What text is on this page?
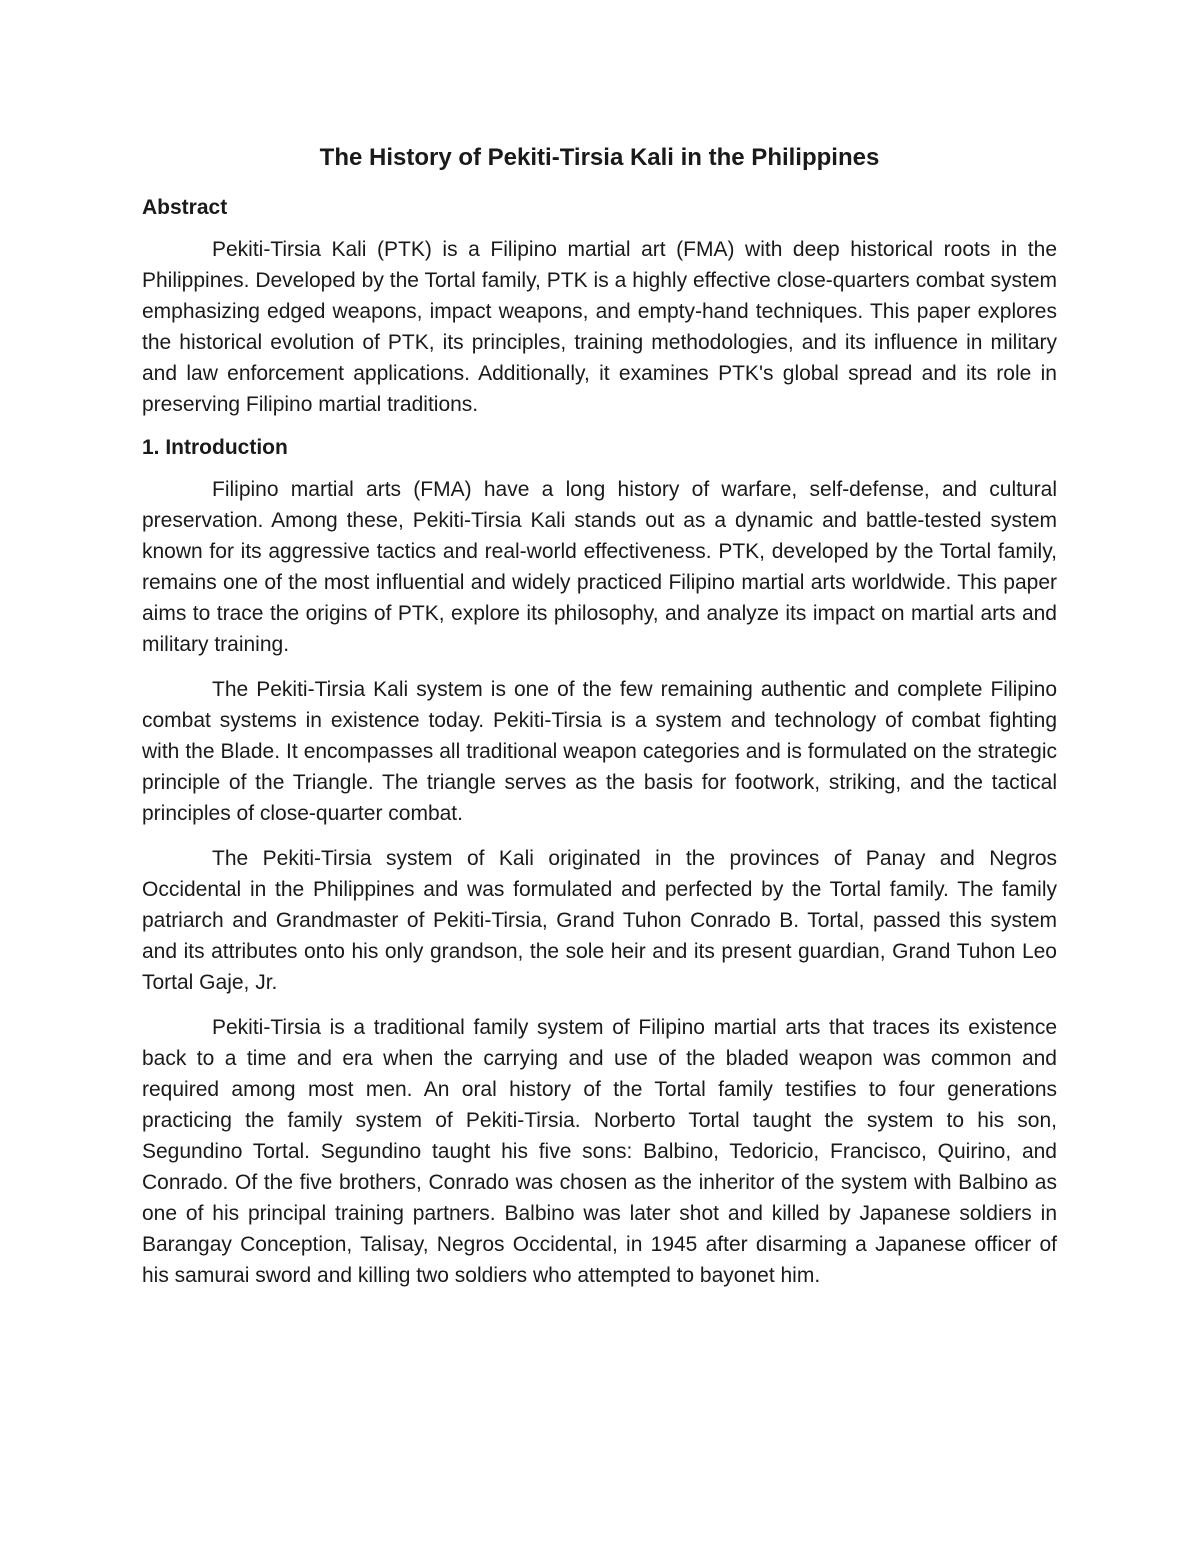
The History of Pekiti-Tirsia Kali in the Philippines
Abstract

Pekiti-Tirsia Kali (PTK) is a Filipino martial art (FMA) with deep historical roots in the Philippines. Developed by the Tortal family, PTK is a highly effective close-quarters combat system emphasizing edged weapons, impact weapons, and empty-hand techniques. This paper explores the historical evolution of PTK, its principles, training methodologies, and its influence in military and law enforcement applications. Additionally, it examines PTK's global spread and its role in preserving Filipino martial traditions.

1. Introduction

Filipino martial arts (FMA) have a long history of warfare, self-defense, and cultural preservation. Among these, Pekiti-Tirsia Kali stands out as a dynamic and battle-tested system known for its aggressive tactics and real-world effectiveness. PTK, developed by the Tortal family, remains one of the most influential and widely practiced Filipino martial arts worldwide. This paper aims to trace the origins of PTK, explore its philosophy, and analyze its impact on martial arts and military training.

The Pekiti-Tirsia Kali system is one of the few remaining authentic and complete Filipino combat systems in existence today. Pekiti-Tirsia is a system and technology of combat fighting with the Blade. It encompasses all traditional weapon categories and is formulated on the strategic principle of the Triangle. The triangle serves as the basis for footwork, striking, and the tactical principles of close-quarter combat.

The Pekiti-Tirsia system of Kali originated in the provinces of Panay and Negros Occidental in the Philippines and was formulated and perfected by the Tortal family. The family patriarch and Grandmaster of Pekiti-Tirsia, Grand Tuhon Conrado B. Tortal, passed this system and its attributes onto his only grandson, the sole heir and its present guardian, Grand Tuhon Leo Tortal Gaje, Jr.

Pekiti-Tirsia is a traditional family system of Filipino martial arts that traces its existence back to a time and era when the carrying and use of the bladed weapon was common and required among most men. An oral history of the Tortal family testifies to four generations practicing the family system of Pekiti-Tirsia. Norberto Tortal taught the system to his son, Segundino Tortal. Segundino taught his five sons: Balbino, Tedoricio, Francisco, Quirino, and Conrado. Of the five brothers, Conrado was chosen as the inheritor of the system with Balbino as one of his principal training partners. Balbino was later shot and killed by Japanese soldiers in Barangay Conception, Talisay, Negros Occidental, in 1945 after disarming a Japanese officer of his samurai sword and killing two soldiers who attempted to bayonet him.
